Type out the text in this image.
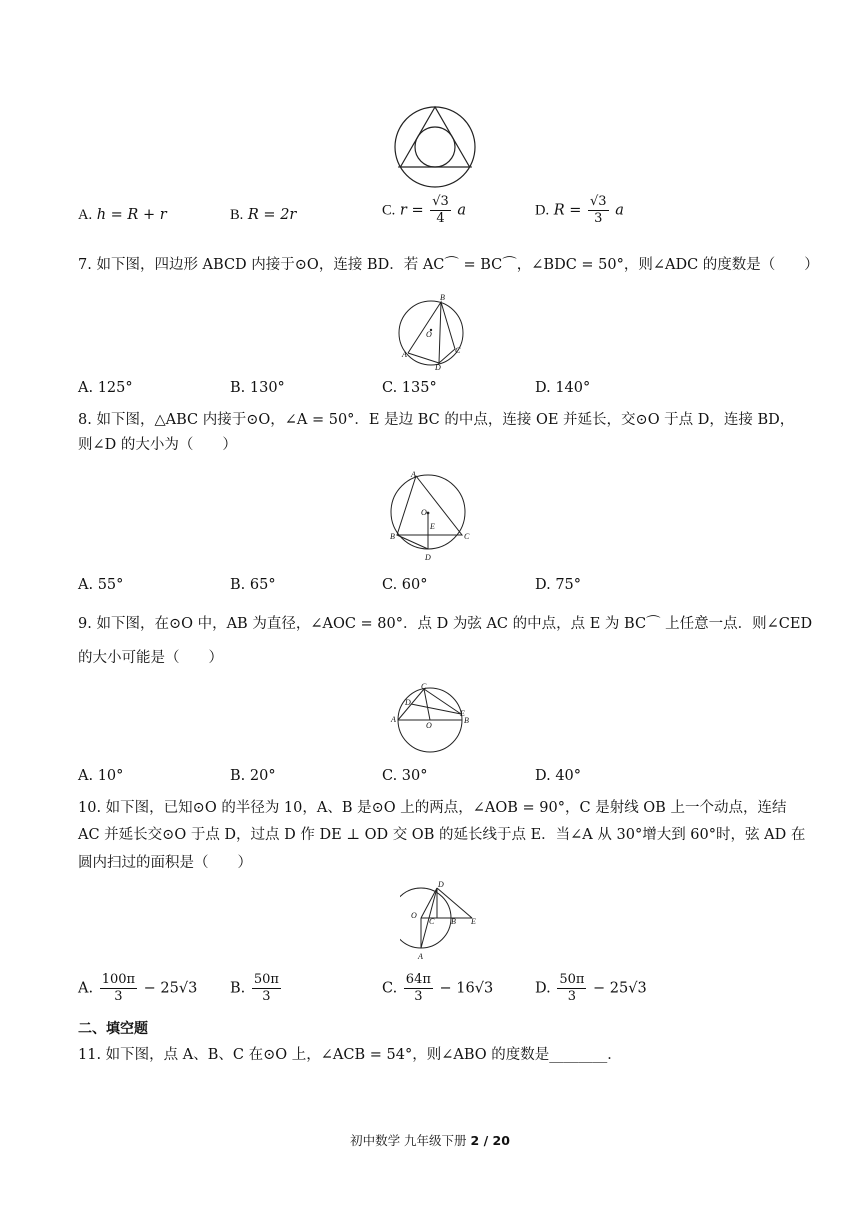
A. h = R + r	B. R = 2r	C. $r = \frac{√3}{4}$ a	D. $R = \frac{√3}{3}$ a
7. 如下图，四边形 ABCD 内接于⊙O，连接 BD．若 AC⌒ = BC⌒，∠BDC = 50°，则∠ADC 的度数是（　　）
B
O
A
D
C
A. 125°	B. 130°	C. 135°	D. 140°
8. 如下图，△ABC 内接于⊙O，∠A = 50°．E 是边 BC 的中点，连接 OE 并延长，交⊙O 于点 D，连接 BD，
则∠D 的大小为（　　）
A
O
E
B	C
D
A. 55°	B. 65°	C. 60°	D. 75°
9. 如下图，在⊙O 中，AB 为直径，∠AOC = 80°．点 D 为弦 AC 的中点，点 E 为 BC⌒ 上任意一点．则∠CED
的大小可能是（　　）
C
D
A
O
E
B
A. 10°	B. 20°	C. 30°	D. 40°
10. 如下图，已知⊙O 的半径为 10，A、B 是⊙O 上的两点，∠AOB = 90°，C 是射线 OB 上一个动点，连结
AC 并延长交⊙O 于点 D，过点 D 作 DE ⊥ OD 交 OB 的延长线于点 E．当∠A 从 30°增大到 60°时，弦 AD 在
圆内扫过的面积是（　　）
D
O
C B E
A
A. $\frac{100\pi}{3} - 25√3$ B. $\frac{50\pi}{3}$	C. $\frac{64\pi}{3} - 16√3$	D. $\frac{50\pi}{3} - 25√3$
二、填空题
11. 如下图，点 A、B、C 在⊙O 上，∠ACB = 54°，则∠ABO 的度数是________．
初中数学 九年级下册 2 / 20
